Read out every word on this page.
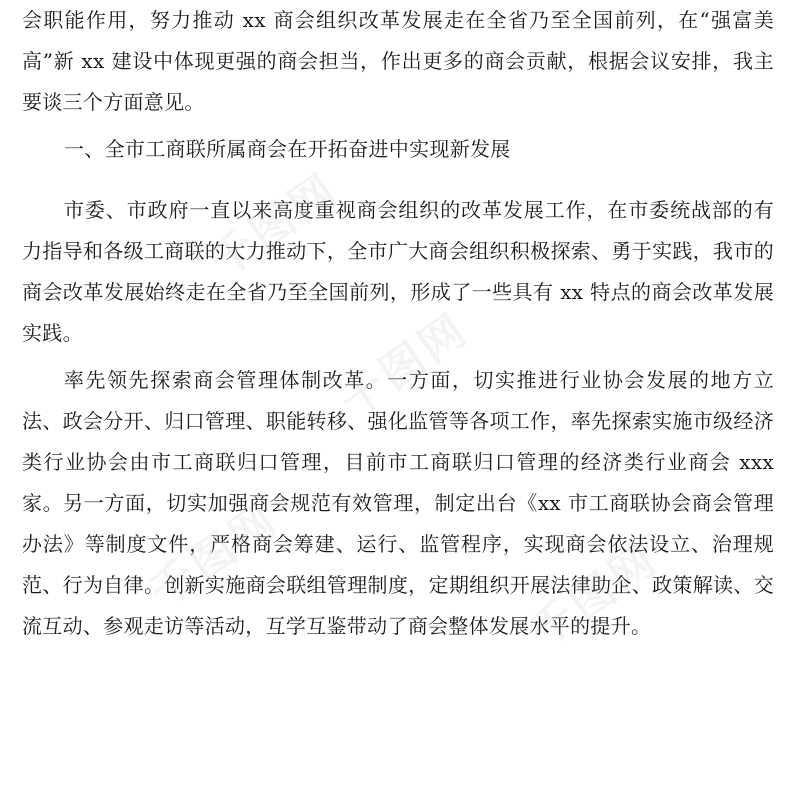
会职能作用，努力推动 xx 商会组织改革发展走在全省乃至全国前列，在“强富美高”新 xx 建设中体现更强的商会担当，作出更多的商会贡献，根据会议安排，我主要谈三个方面意见。

一、全市工商联所属商会在开拓奋进中实现新发展

市委、市政府一直以来高度重视商会组织的改革发展工作，在市委统战部的有力指导和各级工商联的大力推动下，全市广大商会组织积极探索、勇于实践，我市的商会改革发展始终走在全省乃至全国前列，形成了一些具有 xx 特点的商会改革发展实践。

率先领先探索商会管理体制改革。一方面，切实推进行业协会发展的地方立法、政会分开、归口管理、职能转移、强化监管等各项工作，率先探索实施市级经济类行业协会由市工商联归口管理，目前市工商联归口管理的经济类行业商会 xxx 家。另一方面，切实加强商会规范有效管理，制定出台《xx 市工商联协会商会管理办法》等制度文件，严格商会筹建、运行、监管程序，实现商会依法设立、治理规范、行为自律。创新实施商会联组管理制度，定期组织开展法律助企、政策解读、交流互动、参观走访等活动，互学互鉴带动了商会整体发展水平的提升。

千图网
千图网
千图网	千图网
